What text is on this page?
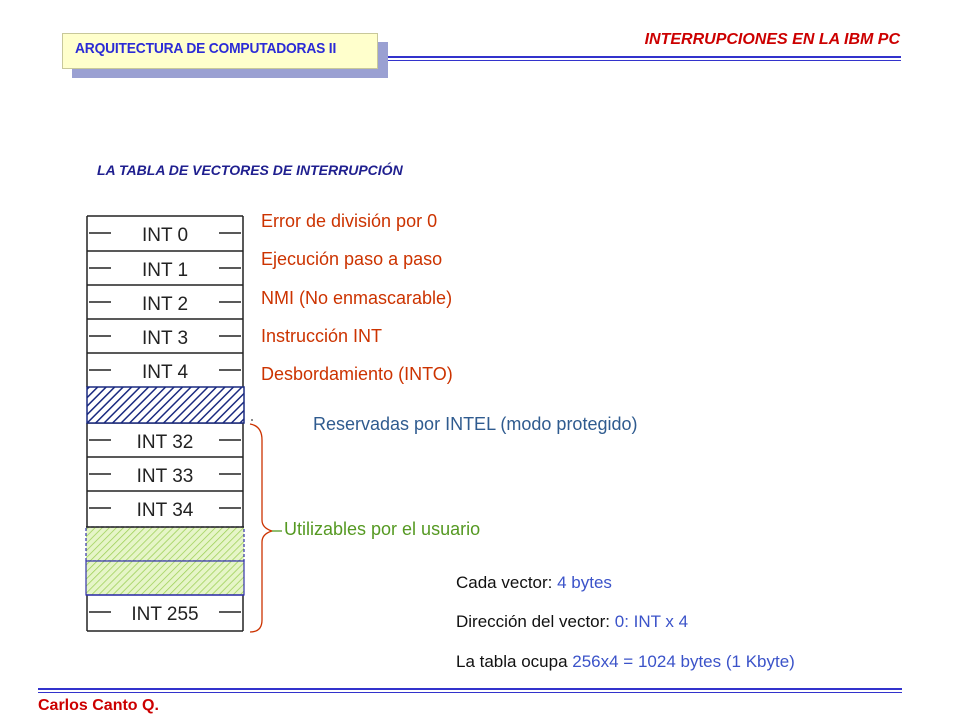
ARQUITECTURA DE COMPUTADORAS II
INTERRUPCIONES EN LA IBM PC
LA TABLA DE VECTORES DE INTERRUPCIÓN
INT 0
INT 1
INT 2
INT 3
INT 4
INT 32
INT 33
INT 34
INT 255
Error de división por 0
Ejecución paso a paso
NMI (No enmascarable)
Instrucción INT
Desbordamiento (INTO)
Reservadas por INTEL (modo protegido)
Utilizables por el usuario
Cada vector: 4 bytes
Dirección del vector: 0: INT x 4
La tabla ocupa 256x4 = 1024 bytes (1 Kbyte)
Carlos Canto Q.
